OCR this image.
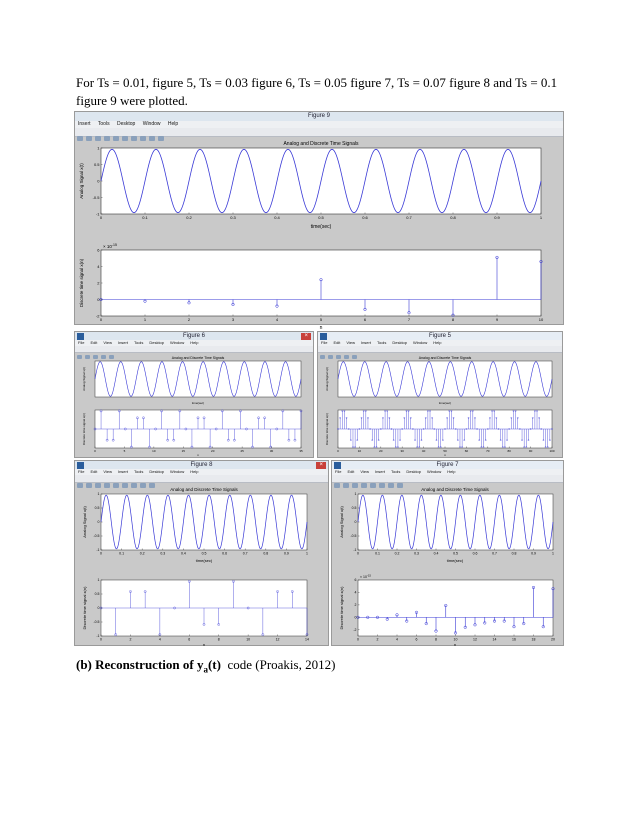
For Ts = 0.01, figure 5, Ts = 0.03 figure 6, Ts = 0.05 figure 7, Ts = 0.07 figure 8 and Ts = 0.1 figure 9 were plotted.
Figure 9
Insert Tools Desktop Window Help
Analog and Discrete Time Signals
time(sec)
Analog Signal x(t)
0	0.1	0.2	0.3	0.4	0.5	0.6	0.7	0.8	0.9	1
-1
-0.5
0
0.5
1
× $10^{-15}$
n
Discrete time signal x(n)
0	1	2	3	4	5	6	7	8	9	10
-2
0
2
4
6
Figure 6	×
File Edit View Insert Tools Desktop Window Help
Analog and Discrete Time Signals
time(sec)
Analog Signal x(t)
n
Discrete time signal x(n)
0	5	10	15	20	25	30	35
Figure 5
File Edit View Insert Tools Desktop Window Help
Analog and Discrete Time Signals
time(sec)
Analog Signal x(t)
n
Discrete time signal x(n)
0	10	20	30	40	50	60	70	80	90	100
Figure 8	×
File Edit View Insert Tools Desktop Window Help
Analog and Discrete Time Signals
time(sec)
Analog Signal x(t)
0	0.1	0.2	0.3	0.4	0.5	0.6	0.7	0.8	0.9	1
-1
-0.5
0
0.5
1
n
Discrete time signal x(n)
0	2	4	6	8	10	12	14
-1
-0.5
0
0.5
1
Figure 7
File Edit View Insert Tools Desktop Window Help
Analog and Discrete Time Signals
time(sec)
Analog Signal x(t)
0	0.1	0.2	0.3	0.4	0.5	0.6	0.7	0.8	0.9	1
-1
-0.5
0
0.5
1
× $10^{-15}$
n
Discrete time signal x(n)
0	2	4	6	8	10	12	14	16	18	20
-2
0
2
4
6
(b) Reconstruction of $y_a(t)$ code (Proakis, 2012)
